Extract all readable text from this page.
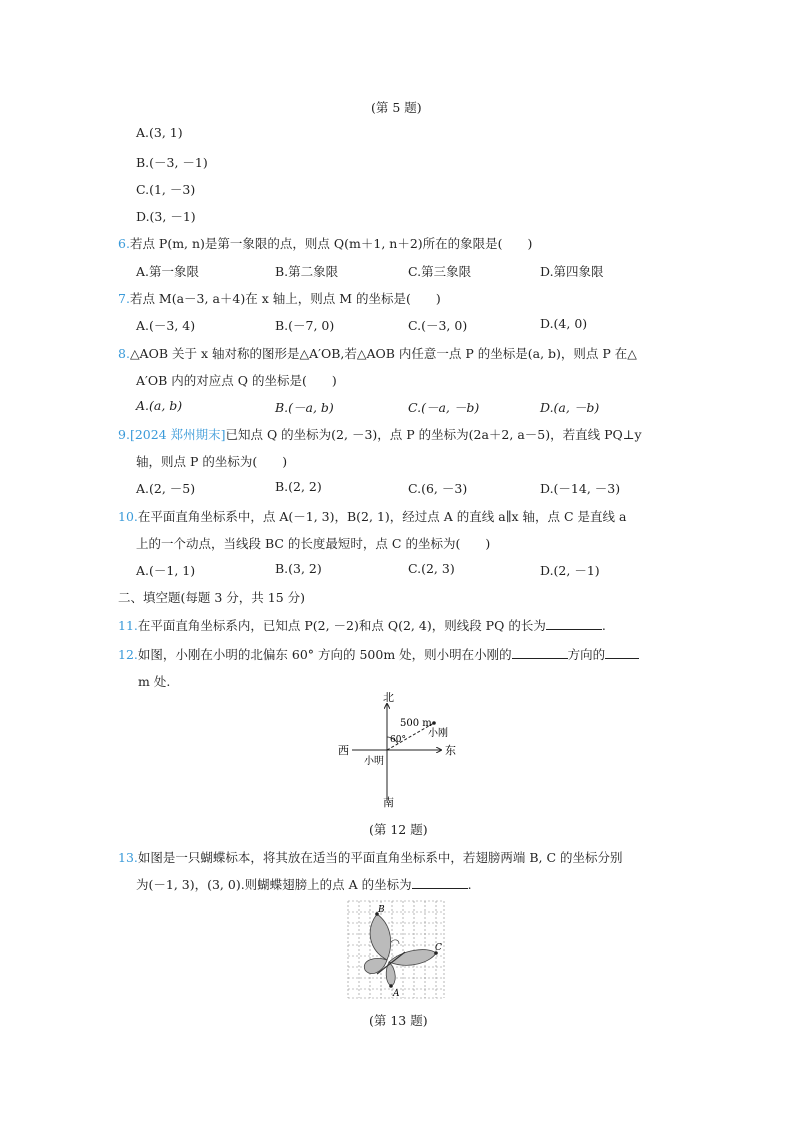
(第 5 题)
A.(3, 1)
B.(－3, －1)
C.(1, －3)
D.(3, －1)
6.若点 P(m, n)是第一象限的点，则点 Q(m＋1, n＋2)所在的象限是(　　)
A.第一象限	B.第二象限	C.第三象限	D.第四象限
7.若点 M(a－3, a＋4)在 x 轴上，则点 M 的坐标是(　　)
A.(－3, 4)	B.(－7, 0)	C.(－3, 0)	D.(4, 0)
8.△AOB 关于 x 轴对称的图形是△A′OB,若△AOB 内任意一点 P 的坐标是(a, b)，则点 P 在△
A′OB 内的对应点 Q 的坐标是(　　)
A.(a, b)	B.(－a, b)	C.(－a, －b)	D.(a, －b)
9.[2024 郑州期末]已知点 Q 的坐标为(2, －3)，点 P 的坐标为(2a＋2, a－5)，若直线 PQ⊥y
轴，则点 P 的坐标为(　　)
A.(2, －5)	B.(2, 2)	C.(6, －3)	D.(－14, －3)
10.在平面直角坐标系中，点 A(－1, 3)，B(2, 1)，经过点 A 的直线 a∥x 轴，点 C 是直线 a
上的一个动点，当线段 BC 的长度最短时，点 C 的坐标为(　　)
A.(－1, 1)	B.(3, 2)	C.(2, 3)	D.(2, －1)
二、填空题(每题 3 分，共 15 分)
11.在平面直角坐标系内，已知点 P(2, －2)和点 Q(2, 4)，则线段 PQ 的长为	.
12.如图，小刚在小明的北偏东 60° 方向的 500m 处，则小明在小刚的	方向的
m 处.
北
南
东
西
小明
小刚
500 m
60°
(第 12 题)
13.如图是一只蝴蝶标本，将其放在适当的平面直角坐标系中，若翅膀两端 B, C 的坐标分别
为(－1, 3)，(3, 0).则蝴蝶翅膀上的点 A 的坐标为	.
B
C
A
(第 13 题)
